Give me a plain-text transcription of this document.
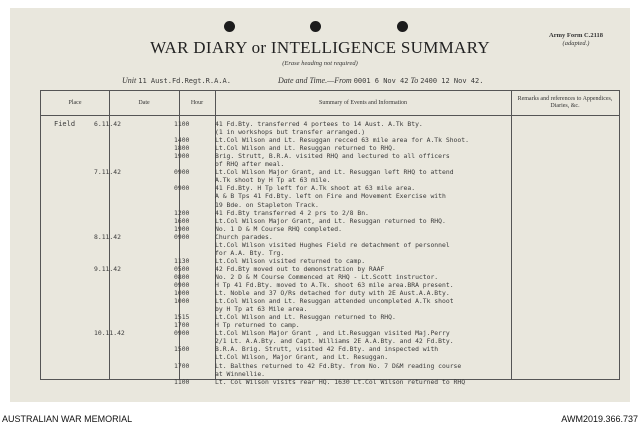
Army Form C.2118
(adapted.)
WAR DIARY or INTELLIGENCE SUMMARY
(Erase heading not required)
Unit 11 Aust.Fd.Regt.R.A.A.	Date and Time.—From 0001 6 Nov 42 To 2400 12 Nov 42.
Place	Date	Hour	Summary of Events and Information
Remarks and references to Appendices, Diaries, &c.
Field	6.11.42	1100	41 Fd.Bty. transferred 4 portees to 14 Aust. A.Tk Bty.
(1 in workshops but transfer arranged.)
1400	Lt.Col Wilson and Lt. Resuggan recced 63 mile area for A.Tk Shoot.
1800	Lt.Col Wilson and Lt. Resuggan returned to RHQ.
1900	Brig. Strutt, B.R.A. visited RHQ and lectured to all officers
of RHQ after meal.
7.11.42	0900	Lt.Col Wilson Major Grant, and Lt. Resuggan left RHQ to attend
A.Tk shoot by H Tp at 63 mile.
0900	41 Fd.Bty. H Tp left for A.Tk shoot at 63 mile area.
A & B Tps 41 Fd.Bty. left on Fire and Movement Exercise with
19 Bde. on Stapleton Track.
1200	41 Fd.Bty transferred 4 2 prs to 2/8 Bn.
1600	Lt.Col Wilson Major Grant, and Lt. Resuggan returned to RHQ.
1900	No. 1 D & M Course RHQ completed.
8.11.42	0900	Church parades.
Lt.Col Wilson visited Hughes Field re detachment of personnel
for A.A. Bty. Trg.
1130	Lt.Col Wilson visited returned to camp.
9.11.42	0500	42 Fd.Bty moved out to demonstration by RAAF
0800	No. 2 D & M Course Commenced at RHQ - Lt.Scott instructor.
0900	H Tp 41 Fd.Bty. moved to A.Tk. shoot 63 mile area.BRA present.
1000	Lt. Noble and 37 O/Rs detached for duty with 2E Aust.A.A.Bty.
1000	Lt.Col Wilson and Lt. Resuggan attended uncompleted A.Tk shoot
by H Tp at 63 Mile area.
1515	Lt.Col Wilson and Lt. Resuggan returned to RHQ.
1700	H Tp returned to camp.
10.11.42	0900	Lt.Col Wilson Major Grant , and Lt.Resuggan visited Maj.Perry
2/1 Lt. A.A.Bty. and Capt. Williams 2E A.A.Bty. and 42 Fd.Bty.
1500	B.R.A. Brig. Strutt, visited 42 Fd.Bty. and inspected with
Lt.Col Wilson, Major Grant, and Lt. Resuggan.
1700	Lt. Balthes returned to 42 Fd.Bty. from No. 7 D&M reading course
at Winnellie.
1100	Lt. Col Wilson visits rear HQ. 1630 Lt.Col Wilson returned to RHQ
AUSTRALIAN WAR MEMORIAL	AWM2019.366.737
